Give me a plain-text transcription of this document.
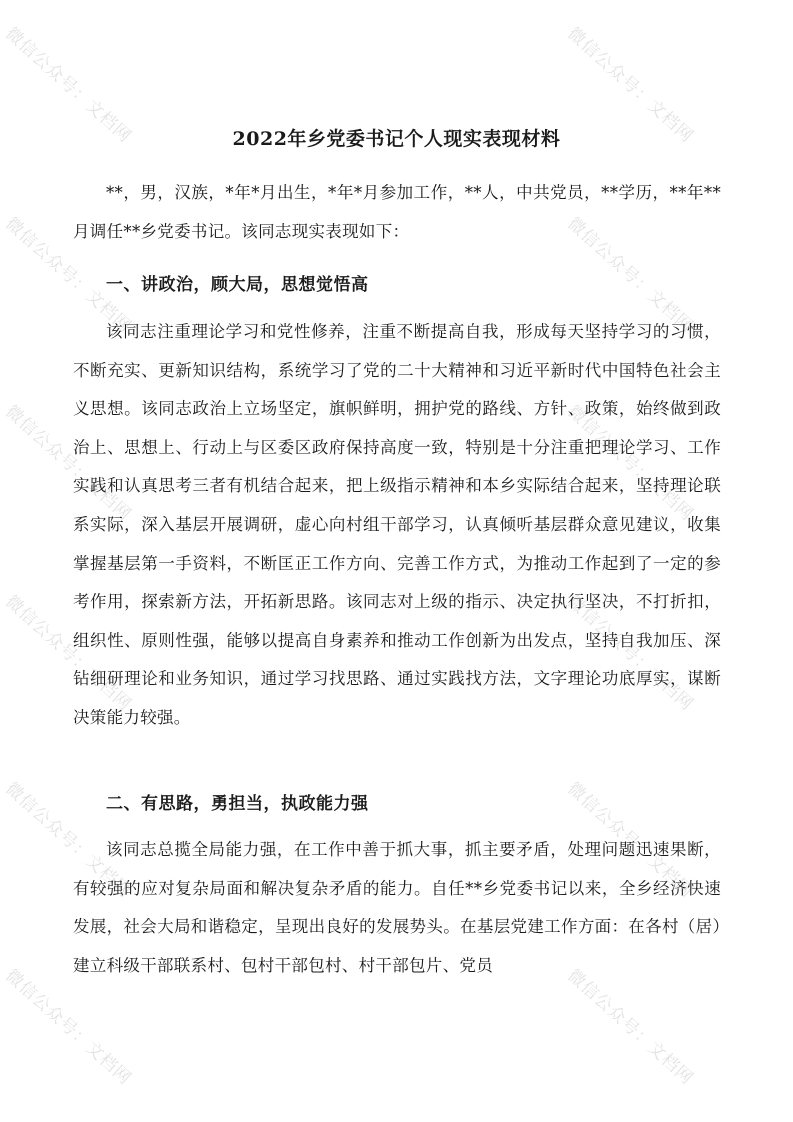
微信公众号：文档网	微信公众号：文档网
微信公众号：文档网	微信公众号：文档网
微信公众号：文档网	微信公众号：文档网
微信公众号：文档网	微信公众号：文档网
微信公众号：文档网	微信公众号：文档网
微信公众号：文档网	微信公众号：文档网
2022年乡党委书记个人现实表现材料

**，男，汉族，*年*月出生，*年*月参加工作，**人，中共党员，**学历，**年**月调任**乡党委书记。该同志现实表现如下：

一、讲政治，顾大局，思想觉悟高

该同志注重理论学习和党性修养，注重不断提高自我，形成每天坚持学习的习惯，不断充实、更新知识结构，系统学习了党的二十大精神和习近平新时代中国特色社会主义思想。该同志政治上立场坚定，旗帜鲜明，拥护党的路线、方针、政策，始终做到政治上、思想上、行动上与区委区政府保持高度一致，特别是十分注重把理论学习、工作实践和认真思考三者有机结合起来，把上级指示精神和本乡实际结合起来，坚持理论联系实际，深入基层开展调研，虚心向村组干部学习，认真倾听基层群众意见建议，收集掌握基层第一手资料，不断匡正工作方向、完善工作方式，为推动工作起到了一定的参考作用，探索新方法，开拓新思路。该同志对上级的指示、决定执行坚决，不打折扣，组织性、原则性强，能够以提高自身素养和推动工作创新为出发点，坚持自我加压、深钻细研理论和业务知识，通过学习找思路、通过实践找方法，文字理论功底厚实，谋断决策能力较强。

二、有思路，勇担当，执政能力强

该同志总揽全局能力强，在工作中善于抓大事，抓主要矛盾，处理问题迅速果断，有较强的应对复杂局面和解决复杂矛盾的能力。自任**乡党委书记以来，全乡经济快速发展，社会大局和谐稳定，呈现出良好的发展势头。在基层党建工作方面：在各村（居）建立科级干部联系村、包村干部包村、村干部包片、党员
